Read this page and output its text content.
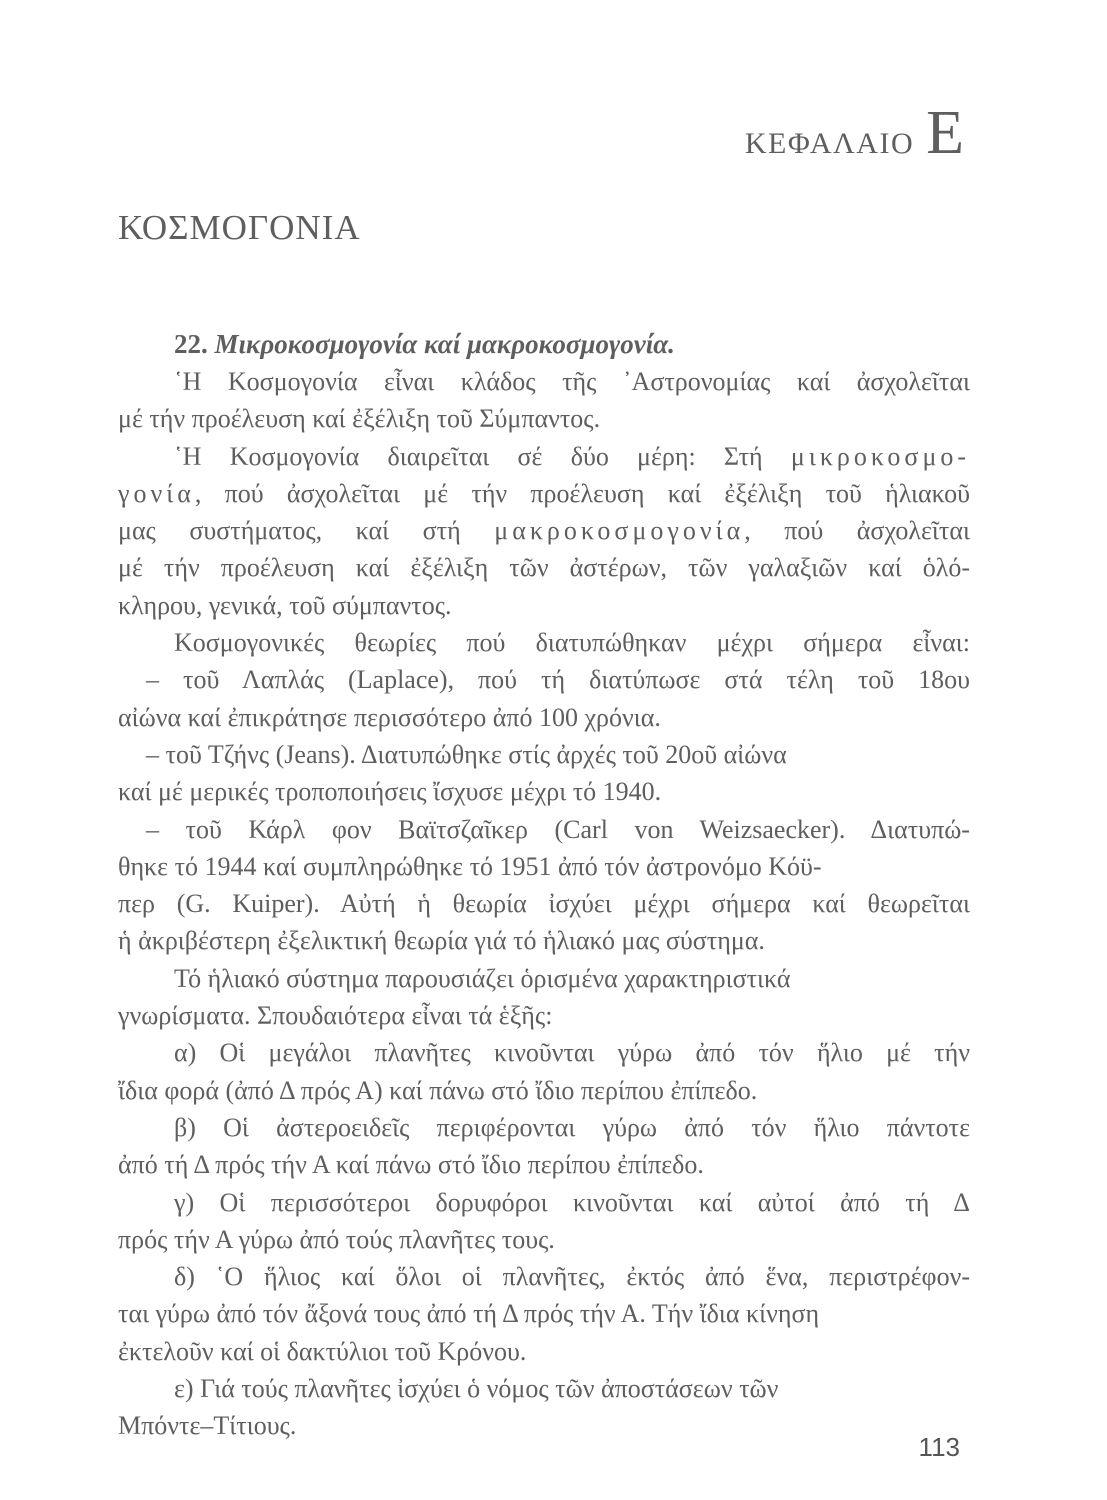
ΚΕΦΑΛΑΙΟ Ε
ΚΟΣΜΟΓΟΝΙΑ

22. Μικροκοσμογονία καί μακροκοσμογονία.

῾Η Κοσμογονία εἶναι κλάδος τῆς ᾿Αστρονομίας καί ἀσχολεῖται
μέ τήν προέλευση καί ἐξέλιξη τοῦ Σύμπαντος.
῾Η Κοσμογονία διαιρεῖται σέ δύο μέρη: Στή μικροκοσμο-
γονία, πού ἀσχολεῖται μέ τήν προέλευση καί ἐξέλιξη τοῦ ἡλιακοῦ
μας συστήματος, καί στή μακροκοσμογονία, πού ἀσχολεῖται
μέ τήν προέλευση καί ἐξέλιξη τῶν ἀστέρων, τῶν γαλαξιῶν καί ὁλό-
κληρου, γενικά, τοῦ σύμπαντος.
Κοσμογονικές θεωρίες πού διατυπώθηκαν μέχρι σήμερα εἶναι:
– τοῦ Λαπλάς (Laplace), πού τή διατύπωσε στά τέλη τοῦ 18ου
αἰώνα καί ἐπικράτησε περισσότερο ἀπό 100 χρόνια.
– τοῦ Τζήνς (Jeans). Διατυπώθηκε στίς ἀρχές τοῦ 20οῦ αἰώνα
καί μέ μερικές τροποποιήσεις ἴσχυσε μέχρι τό 1940.
– τοῦ Κάρλ φον Βαϊτσζαῖκερ (Carl von Weizsaecker). Διατυπώ-
θηκε τό 1944 καί συμπληρώθηκε τό 1951 ἀπό τόν ἀστρονόμο Κόϋ-
περ (G. Kuiper). Αὐτή ἡ θεωρία ἰσχύει μέχρι σήμερα καί θεωρεῖται
ἡ ἀκριβέστερη ἐξελικτική θεωρία γιά τό ἡλιακό μας σύστημα.
Τό ἡλιακό σύστημα παρουσιάζει ὁρισμένα χαρακτηριστικά
γνωρίσματα. Σπουδαιότερα εἶναι τά ἑξῆς:
α) Οἱ μεγάλοι πλανῆτες κινοῦνται γύρω ἀπό τόν ἥλιο μέ τήν
ἴδια φορά (ἀπό Δ πρός Α) καί πάνω στό ἴδιο περίπου ἐπίπεδο.
β) Οἱ ἀστεροειδεῖς περιφέρονται γύρω ἀπό τόν ἥλιο πάντοτε
ἀπό τή Δ πρός τήν Α καί πάνω στό ἴδιο περίπου ἐπίπεδο.
γ) Οἱ περισσότεροι δορυφόροι κινοῦνται καί αὐτοί ἀπό τή Δ
πρός τήν Α γύρω ἀπό τούς πλανῆτες τους.
δ) ῾Ο ἥλιος καί ὅλοι οἱ πλανῆτες, ἐκτός ἀπό ἕνα, περιστρέφον-
ται γύρω ἀπό τόν ἄξονά τους ἀπό τή Δ πρός τήν Α. Τήν ἴδια κίνηση
ἐκτελοῦν καί οἱ δακτύλιοι τοῦ Κρόνου.
ε) Γιά τούς πλανῆτες ἰσχύει ὁ νόμος τῶν ἀποστάσεων τῶν
Μπόντε–Τίτιους.
113
